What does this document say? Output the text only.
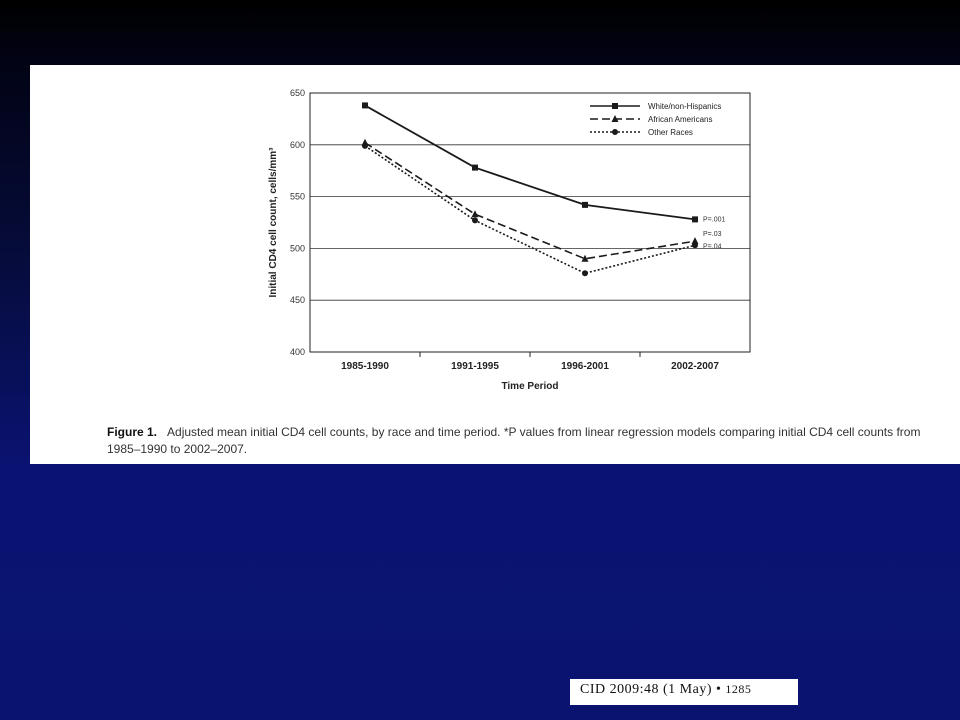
400
450
500
550
600
650
1985-1990	1991-1995	1996-2001	2002-2007
P=.001
P=.03
P=.04
White/non-Hispanics
African Americans
Other Races
Time Period
Initial CD4 cell count, cells/mm³
Figure 1. Adjusted mean initial CD4 cell counts, by race and time period. *P values from linear regression models comparing initial CD4 cell counts from 1985–1990 to 2002–2007.
CID 2009:48 (1 May) • 1285
